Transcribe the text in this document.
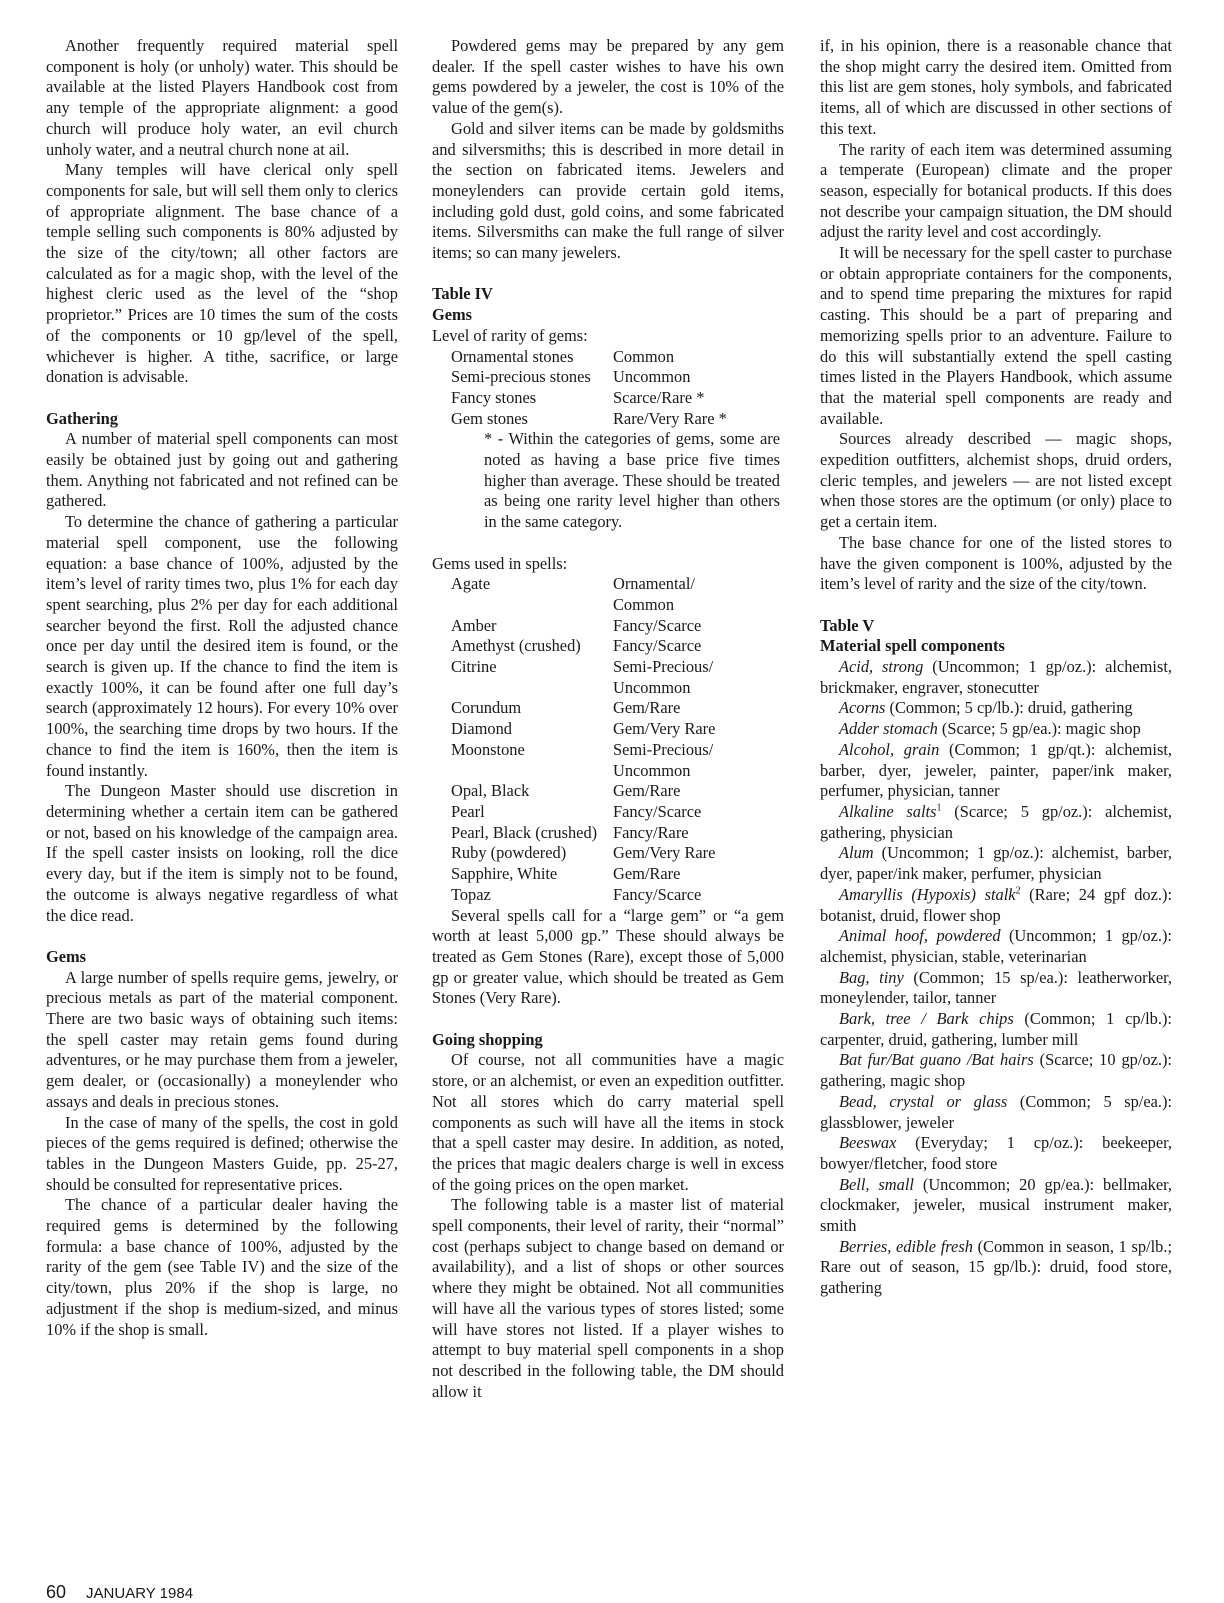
Another frequently required material spell component is holy (or unholy) water. This should be available at the listed Players Handbook cost from any temple of the appropriate alignment: a good church will produce holy water, an evil church unholy water, and a neutral church none at ail.

Many temples will have clerical only spell components for sale, but will sell them only to clerics of appropriate alignment. The base chance of a temple selling such components is 80% adjusted by the size of the city/town; all other factors are calculated as for a magic shop, with the level of the highest cleric used as the level of the “shop proprietor.” Prices are 10 times the sum of the costs of the components or 10 gp/level of the spell, whichever is higher. A tithe, sacrifice, or large donation is advisable.

Gathering

A number of material spell components can most easily be obtained just by going out and gathering them. Anything not fabricated and not refined can be gathered.

To determine the chance of gathering a particular material spell component, use the following equation: a base chance of 100%, adjusted by the item’s level of rarity times two, plus 1% for each day spent searching, plus 2% per day for each additional searcher beyond the first. Roll the adjusted chance once per day until the desired item is found, or the search is given up. If the chance to find the item is exactly 100%, it can be found after one full day’s search (approximately 12 hours). For every 10% over 100%, the searching time drops by two hours. If the chance to find the item is 160%, then the item is found instantly.

The Dungeon Master should use discretion in determining whether a certain item can be gathered or not, based on his knowledge of the campaign area. If the spell caster insists on looking, roll the dice every day, but if the item is simply not to be found, the outcome is always negative regardless of what the dice read.

Gems

A large number of spells require gems, jewelry, or precious metals as part of the material component. There are two basic ways of obtaining such items: the spell caster may retain gems found during adventures, or he may purchase them from a jeweler, gem dealer, or (occasionally) a moneylender who assays and deals in precious stones.

In the case of many of the spells, the cost in gold pieces of the gems required is defined; otherwise the tables in the Dungeon Masters Guide, pp. 25-27, should be consulted for representative prices.

The chance of a particular dealer having the required gems is determined by the following formula: a base chance of 100%, adjusted by the rarity of the gem (see Table IV) and the size of the city/town, plus 20% if the shop is large, no adjustment if the shop is medium-sized, and minus 10% if the shop is small.

Powdered gems may be prepared by any gem dealer. If the spell caster wishes to have his own gems powdered by a jeweler, the cost is 10% of the value of the gem(s).

Gold and silver items can be made by goldsmiths and silversmiths; this is described in more detail in the section on fabricated items. Jewelers and moneylenders can provide certain gold items, including gold dust, gold coins, and some fabricated items. Silversmiths can make the full range of silver items; so can many jewelers.

Table IV
Gems
Level of rarity of gems:
Ornamental stones	Common
Semi-precious stones	Uncommon
Fancy stones	Scarce/Rare *
Gem stones	Rare/Very Rare *
* - Within the categories of gems, some are noted as having a base price five times higher than average. These should be treated as being one rarity level higher than others in the same category.
Gems used in spells:
Agate	Ornamental/
Common
Amber	Fancy/Scarce
Amethyst (crushed)	Fancy/Scarce
Citrine	Semi-Precious/
Uncommon
Corundum	Gem/Rare
Diamond	Gem/Very Rare
Moonstone	Semi-Precious/
Uncommon
Opal, Black	Gem/Rare
Pearl	Fancy/Scarce
Pearl, Black (crushed) Fancy/Rare
Ruby (powdered)	Gem/Very Rare
Sapphire, White	Gem/Rare
Topaz	Fancy/Scarce

Several spells call for a “large gem” or “a gem worth at least 5,000 gp.” These should always be treated as Gem Stones (Rare), except those of 5,000 gp or greater value, which should be treated as Gem Stones (Very Rare).

Going shopping

Of course, not all communities have a magic store, or an alchemist, or even an expedition outfitter. Not all stores which do carry material spell components as such will have all the items in stock that a spell caster may desire. In addition, as noted, the prices that magic dealers charge is well in excess of the going prices on the open market.

The following table is a master list of material spell components, their level of rarity, their “normal” cost (perhaps subject to change based on demand or availability), and a list of shops or other sources where they might be obtained. Not all communities will have all the various types of stores listed; some will have stores not listed. If a player wishes to attempt to buy material spell components in a shop not described in the following table, the DM should allow it

if, in his opinion, there is a reasonable chance that the shop might carry the desired item. Omitted from this list are gem stones, holy symbols, and fabricated items, all of which are discussed in other sections of this text.

The rarity of each item was determined assuming a temperate (European) climate and the proper season, especially for botanical products. If this does not describe your campaign situation, the DM should adjust the rarity level and cost accordingly.

It will be necessary for the spell caster to purchase or obtain appropriate containers for the components, and to spend time preparing the mixtures for rapid casting. This should be a part of preparing and memorizing spells prior to an adventure. Failure to do this will substantially extend the spell casting times listed in the Players Handbook, which assume that the material spell components are ready and available.

Sources already described — magic shops, expedition outfitters, alchemist shops, druid orders, cleric temples, and jewelers — are not listed except when those stores are the optimum (or only) place to get a certain item.

The base chance for one of the listed stores to have the given component is 100%, adjusted by the item’s level of rarity and the size of the city/town.

Table V
Material spell components

Acid, strong (Uncommon; 1 gp/oz.): alchemist, brickmaker, engraver, stonecutter

Acorns (Common; 5 cp/lb.): druid, gathering

Adder stomach (Scarce; 5 gp/ea.): magic shop

Alcohol, grain (Common; 1 gp/qt.): alchemist, barber, dyer, jeweler, painter, paper/ink maker, perfumer, physician, tanner

Alkaline salts$^1$ (Scarce; 5 gp/oz.): alchemist, gathering, physician

Alum (Uncommon; 1 gp/oz.): alchemist, barber, dyer, paper/ink maker, perfumer, physician

Amaryllis (Hypoxis) stalk$^2$ (Rare; 24 gpf doz.): botanist, druid, flower shop

Animal hoof, powdered (Uncommon; 1 gp/oz.): alchemist, physician, stable, veterinarian

Bag, tiny (Common; 15 sp/ea.): leatherworker, moneylender, tailor, tanner

Bark, tree / Bark chips (Common; 1 cp/lb.): carpenter, druid, gathering, lumber mill

Bat fur/Bat guano /Bat hairs (Scarce; 10 gp/oz.): gathering, magic shop

Bead, crystal or glass (Common; 5 sp/ea.): glassblower, jeweler

Beeswax (Everyday; 1 cp/oz.): beekeeper, bowyer/fletcher, food store

Bell, small (Uncommon; 20 gp/ea.): bellmaker, clockmaker, jeweler, musical instrument maker, smith

Berries, edible fresh (Common in season, 1 sp/lb.; Rare out of season, 15 gp/lb.): druid, food store, gathering

60 JANUARY 1984
